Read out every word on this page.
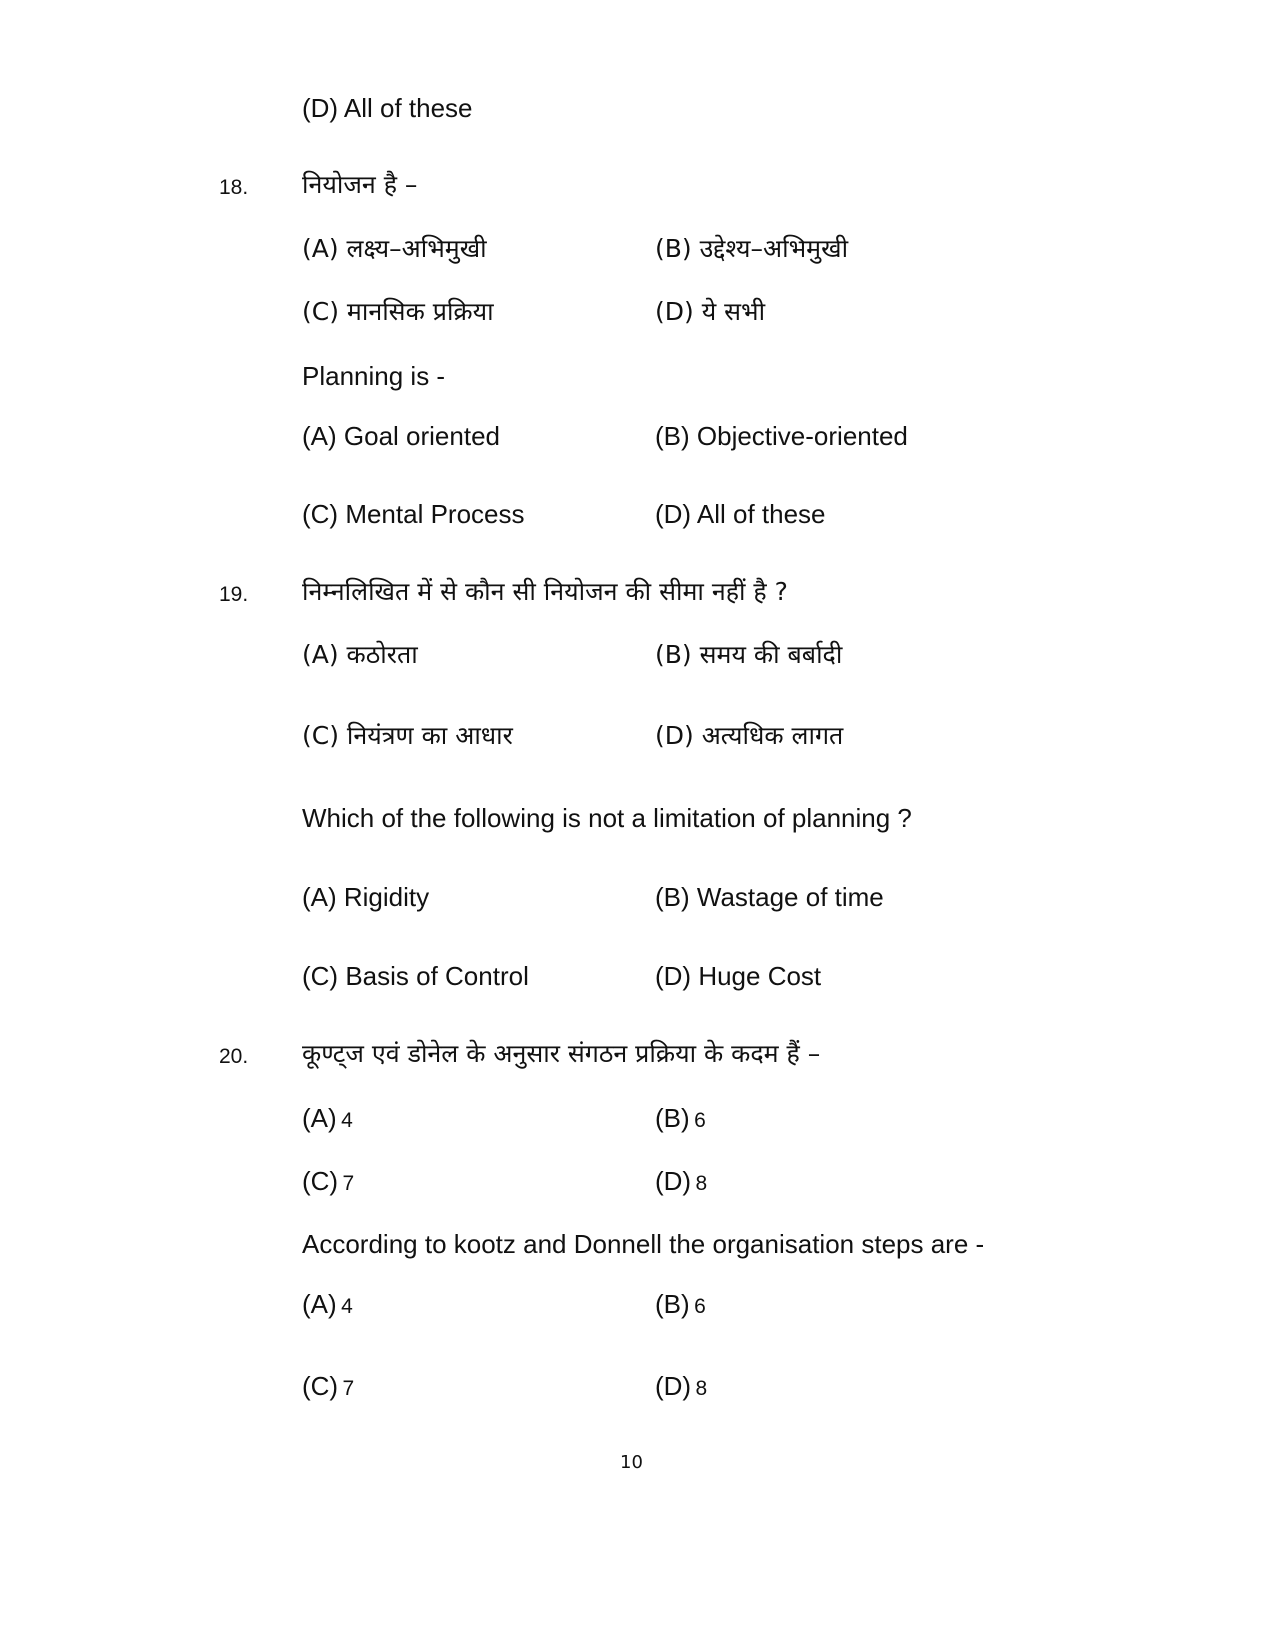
(D) All of these
18. नियोजन है –
(A) लक्ष्य–अभिमुखी	(B) उद्देश्य–अभिमुखी
(C) मानसिक प्रक्रिया	(D) ये सभी
Planning is -
(A) Goal oriented	(B) Objective-oriented
(C) Mental Process	(D) All of these
19. निम्नलिखित में से कौन सी नियोजन की सीमा नहीं है ?
(A) कठोरता	(B) समय की बर्बादी
(C) नियंत्रण का आधार	(D) अत्यधिक लागत
Which of the following is not a limitation of planning ?
(A) Rigidity	(B) Wastage of time
(C) Basis of Control	(D) Huge Cost
20. कूण्ट्ज एवं डोनेल के अनुसार संगठन प्रक्रिया के कदम हैं –
(A) 4	(B) 6
(C) 7	(D) 8
According to kootz and Donnell the organisation steps are -
(A) 4	(B) 6
(C) 7	(D) 8
10
